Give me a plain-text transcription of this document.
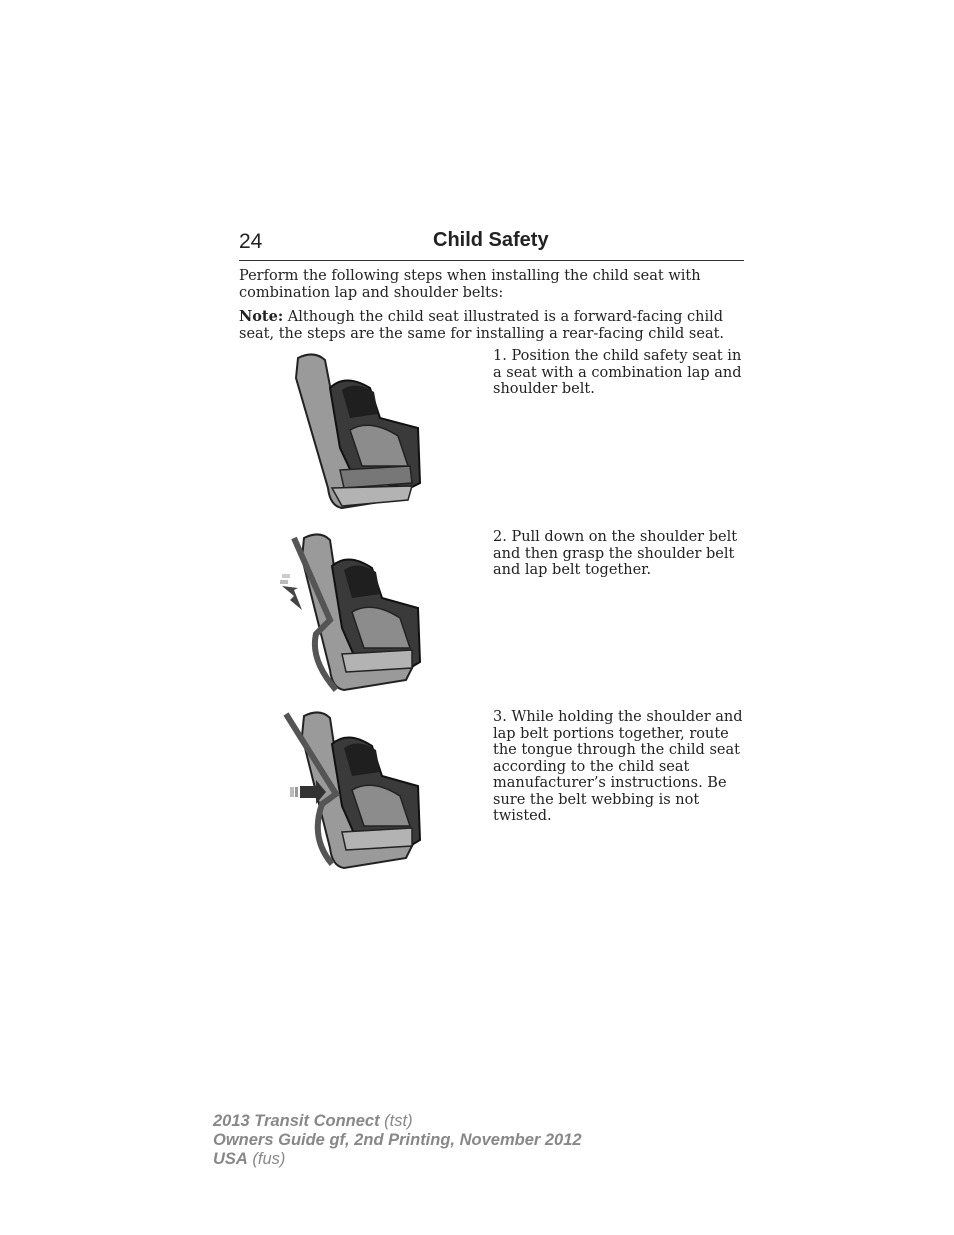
24	Child Safety
Perform the following steps when installing the child seat with combination lap and shoulder belts:
Note: Although the child seat illustrated is a forward-facing child seat, the steps are the same for installing a rear-facing child seat.
1. Position the child safety seat in a seat with a combination lap and shoulder belt.
2. Pull down on the shoulder belt and then grasp the shoulder belt and lap belt together.
3. While holding the shoulder and lap belt portions together, route the tongue through the child seat according to the child seat manufacturer’s instructions. Be sure the belt webbing is not twisted.
2013 Transit Connect (tst)
Owners Guide gf, 2nd Printing, November 2012
USA (fus)
